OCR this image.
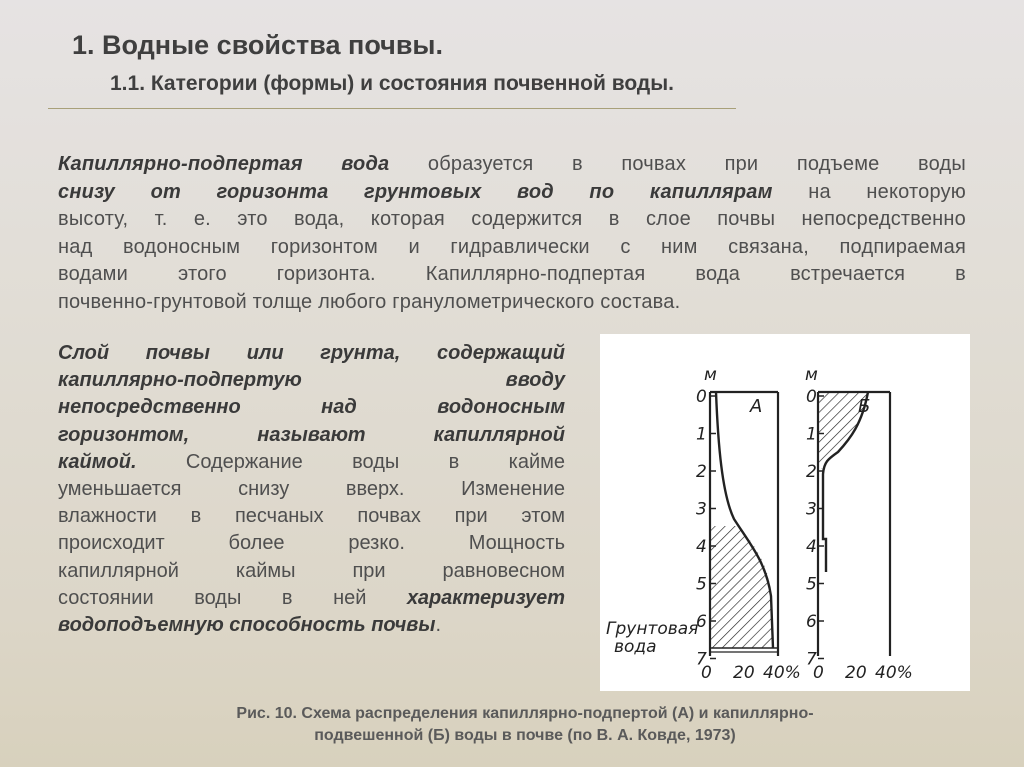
1. Водные свойства почвы.
1.1. Категории (формы) и состояния почвенной воды.
Капиллярно-подпертая вода образуется в почвах при подъеме воды
снизу от горизонта грунтовых вод по капиллярам на некоторую
высоту, т. е. это вода, которая содержится в слое почвы непосредственно
над водоносным горизонтом и гидравлически с ним связана, подпираемая
водами этого горизонта. Капиллярно-подпертая вода встречается в
почвенно-грунтовой толще любого гранулометрического состава.
Слой почвы или грунта, содержащий
капиллярно-подпертую вводу
непосредственно над водоносным
горизонтом, называют капиллярной
каймой. Содержание воды в кайме
уменьшается снизу вверх. Изменение
влажности в песчаных почвах при этом
происходит более резко. Мощность
капиллярной каймы при равновесном
состоянии воды в ней характеризует
водоподъемную способность почвы.
м
0
1
2
3
4
5
6
7
А
Грунтовая
вода
0 20 40%
м
0
1
2
3
4
5
6
7
Б
0 20 40%
Рис. 10. Схема распределения капиллярно-подпертой (А) и капиллярно-
подвешенной (Б) воды в почве (по В. А. Ковде, 1973)
